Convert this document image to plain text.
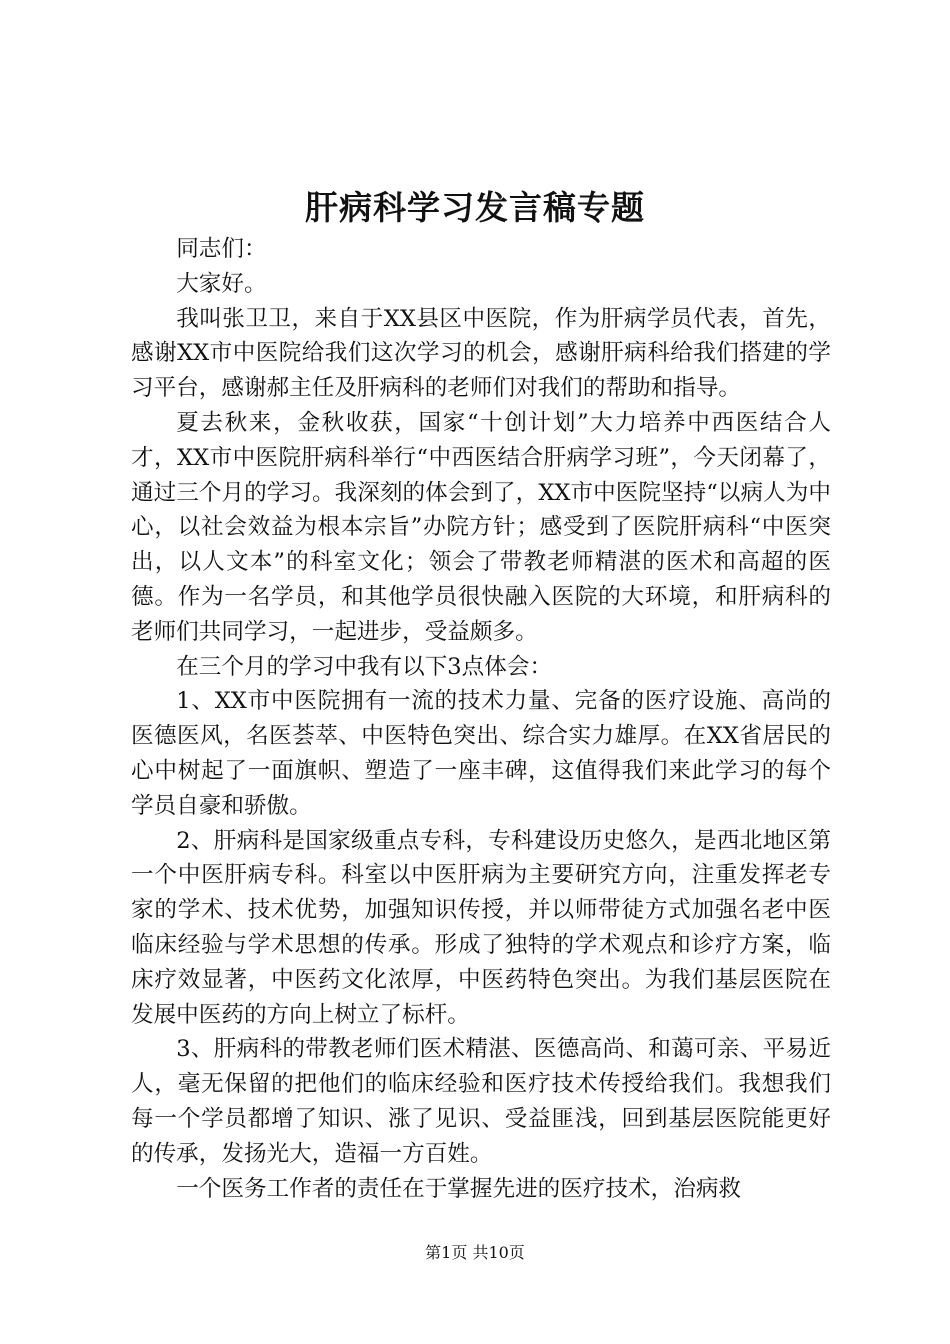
肝病科学习发言稿专题

同志们：

大家好。

我叫张卫卫，来自于XX县区中医院，作为肝病学员代表，首先，感谢XX市中医院给我们这次学习的机会，感谢肝病科给我们搭建的学习平台，感谢郝主任及肝病科的老师们对我们的帮助和指导。

夏去秋来，金秋收获，国家“十创计划”大力培养中西医结合人才，XX市中医院肝病科举行“中西医结合肝病学习班”，今天闭幕了，通过三个月的学习。我深刻的体会到了，XX市中医院坚持“以病人为中心，以社会效益为根本宗旨”办院方针；感受到了医院肝病科“中医突出，以人文本”的科室文化；领会了带教老师精湛的医术和高超的医德。作为一名学员，和其他学员很快融入医院的大环境，和肝病科的老师们共同学习，一起进步，受益颇多。

在三个月的学习中我有以下3点体会：

1、XX市中医院拥有一流的技术力量、完备的医疗设施、高尚的医德医风，名医荟萃、中医特色突出、综合实力雄厚。在XX省居民的心中树起了一面旗帜、塑造了一座丰碑，这值得我们来此学习的每个学员自豪和骄傲。

2、肝病科是国家级重点专科，专科建设历史悠久，是西北地区第一个中医肝病专科。科室以中医肝病为主要研究方向，注重发挥老专家的学术、技术优势，加强知识传授，并以师带徒方式加强名老中医临床经验与学术思想的传承。形成了独特的学术观点和诊疗方案，临床疗效显著，中医药文化浓厚，中医药特色突出。为我们基层医院在发展中医药的方向上树立了标杆。

3、肝病科的带教老师们医术精湛、医德高尚、和蔼可亲、平易近人，毫无保留的把他们的临床经验和医疗技术传授给我们。我想我们每一个学员都增了知识、涨了见识、受益匪浅，回到基层医院能更好的传承，发扬光大，造福一方百姓。

一个医务工作者的责任在于掌握先进的医疗技术，治病救

第1页 共10页
